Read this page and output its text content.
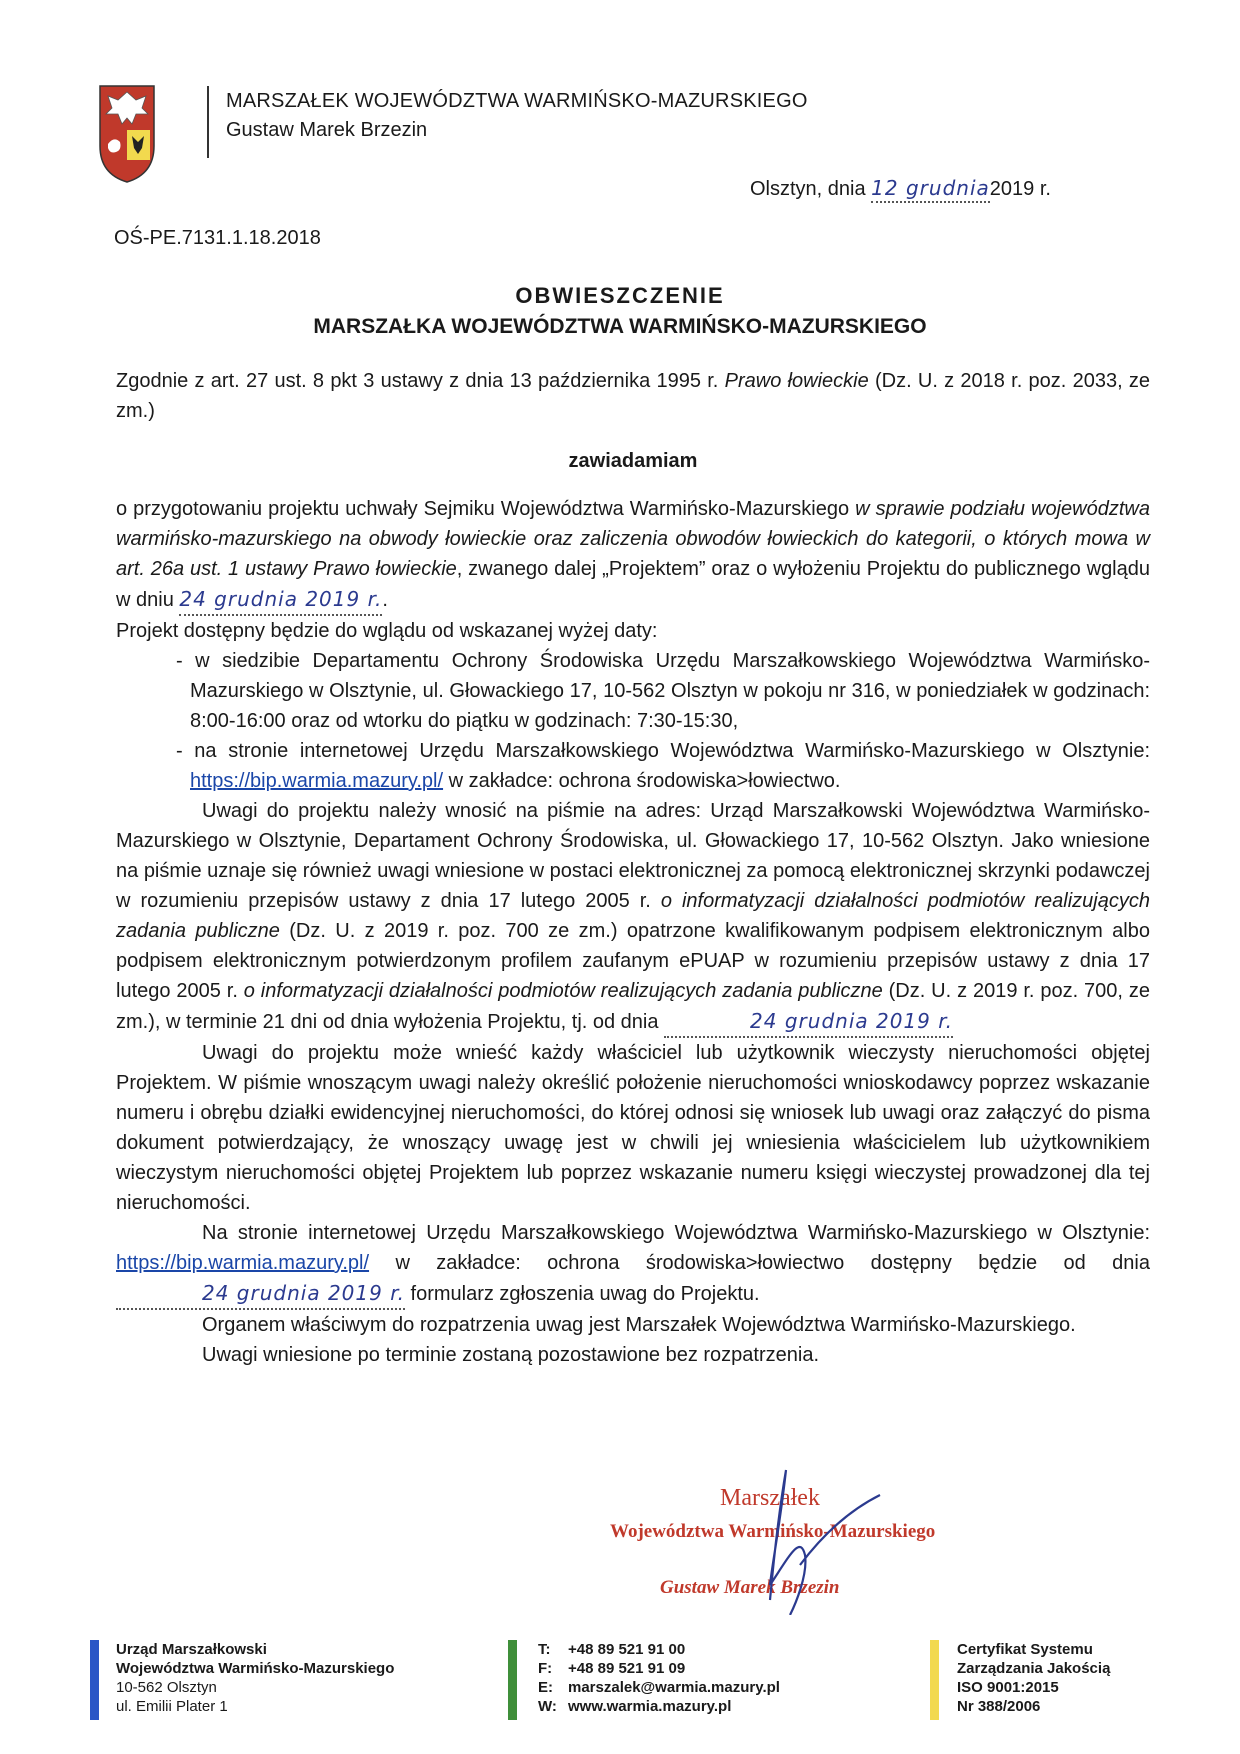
MARSZAŁEK WOJEWÓDZTWA WARMIŃSKO-MAZURSKIEGO
Gustaw Marek Brzezin
Olsztyn, dnia 12 grudnia2019 r.
OŚ-PE.7131.1.18.2018
OBWIESZCZENIE
MARSZAŁKA WOJEWÓDZTWA WARMIŃSKO-MAZURSKIEGO

Zgodnie z art. 27 ust. 8 pkt 3 ustawy z dnia 13 października 1995 r. Prawo łowieckie (Dz. U. z 2018 r. poz. 2033, ze zm.)

zawiadamiam

o przygotowaniu projektu uchwały Sejmiku Województwa Warmińsko-Mazurskiego w sprawie podziału województwa warmińsko-mazurskiego na obwody łowieckie oraz zaliczenia obwodów łowieckich do kategorii, o których mowa w art. 26a ust. 1 ustawy Prawo łowieckie, zwanego dalej „Projektem” oraz o wyłożeniu Projektu do publicznego wglądu w dniu 24 grudnia 2019 r..

Projekt dostępny będzie do wglądu od wskazanej wyżej daty:

- w siedzibie Departamentu Ochrony Środowiska Urzędu Marszałkowskiego Województwa Warmińsko-Mazurskiego w Olsztynie, ul. Głowackiego 17, 10-562 Olsztyn w pokoju nr 316, w poniedziałek w godzinach: 8:00-16:00 oraz od wtorku do piątku w godzinach: 7:30-15:30,

- na stronie internetowej Urzędu Marszałkowskiego Województwa Warmińsko-Mazurskiego w Olsztynie: https://bip.warmia.mazury.pl/ w zakładce: ochrona środowiska>łowiectwo.

Uwagi do projektu należy wnosić na piśmie na adres: Urząd Marszałkowski Województwa Warmińsko-Mazurskiego w Olsztynie, Departament Ochrony Środowiska, ul. Głowackiego 17, 10-562 Olsztyn. Jako wniesione na piśmie uznaje się również uwagi wniesione w postaci elektronicznej za pomocą elektronicznej skrzynki podawczej w rozumieniu przepisów ustawy z dnia 17 lutego 2005 r. o informatyzacji działalności podmiotów realizujących zadania publiczne (Dz. U. z 2019 r. poz. 700 ze zm.) opatrzone kwalifikowanym podpisem elektronicznym albo podpisem elektronicznym potwierdzonym profilem zaufanym ePUAP w rozumieniu przepisów ustawy z dnia 17 lutego 2005 r. o informatyzacji działalności podmiotów realizujących zadania publiczne (Dz. U. z 2019 r. poz. 700, ze zm.), w terminie 21 dni od dnia wyłożenia Projektu, tj. od dnia	24 grudnia 2019 r.

Uwagi do projektu może wnieść każdy właściciel lub użytkownik wieczysty nieruchomości objętej Projektem. W piśmie wnoszącym uwagi należy określić położenie nieruchomości wnioskodawcy poprzez wskazanie numeru i obrębu działki ewidencyjnej nieruchomości, do której odnosi się wniosek lub uwagi oraz załączyć do pisma dokument potwierdzający, że wnoszący uwagę jest w chwili jej wniesienia właścicielem lub użytkownikiem wieczystym nieruchomości objętej Projektem lub poprzez wskazanie numeru księgi wieczystej prowadzonej dla tej nieruchomości.

Na stronie internetowej Urzędu Marszałkowskiego Województwa Warmińsko-Mazurskiego w Olsztynie: https://bip.warmia.mazury.pl/ w zakładce: ochrona środowiska>łowiectwo dostępny będzie od dnia 24 grudnia 2019 r. formularz zgłoszenia uwag do Projektu.

Organem właściwym do rozpatrzenia uwag jest Marszałek Województwa Warmińsko-Mazurskiego.

Uwagi wniesione po terminie zostaną pozostawione bez rozpatrzenia.

Marszałek
Województwa Warmińsko-Mazurskiego
Gustaw Marek Brzezin
Urząd Marszałkowski
Województwa Warmińsko-Mazurskiego
10-562 Olsztyn
ul. Emilii Plater 1
T:	+48 89 521 91 00
F:	+48 89 521 91 09
E:	marszalek@warmia.mazury.pl
W: www.warmia.mazury.pl
Certyfikat Systemu
Zarządzania Jakością
ISO 9001:2015
Nr 388/2006
